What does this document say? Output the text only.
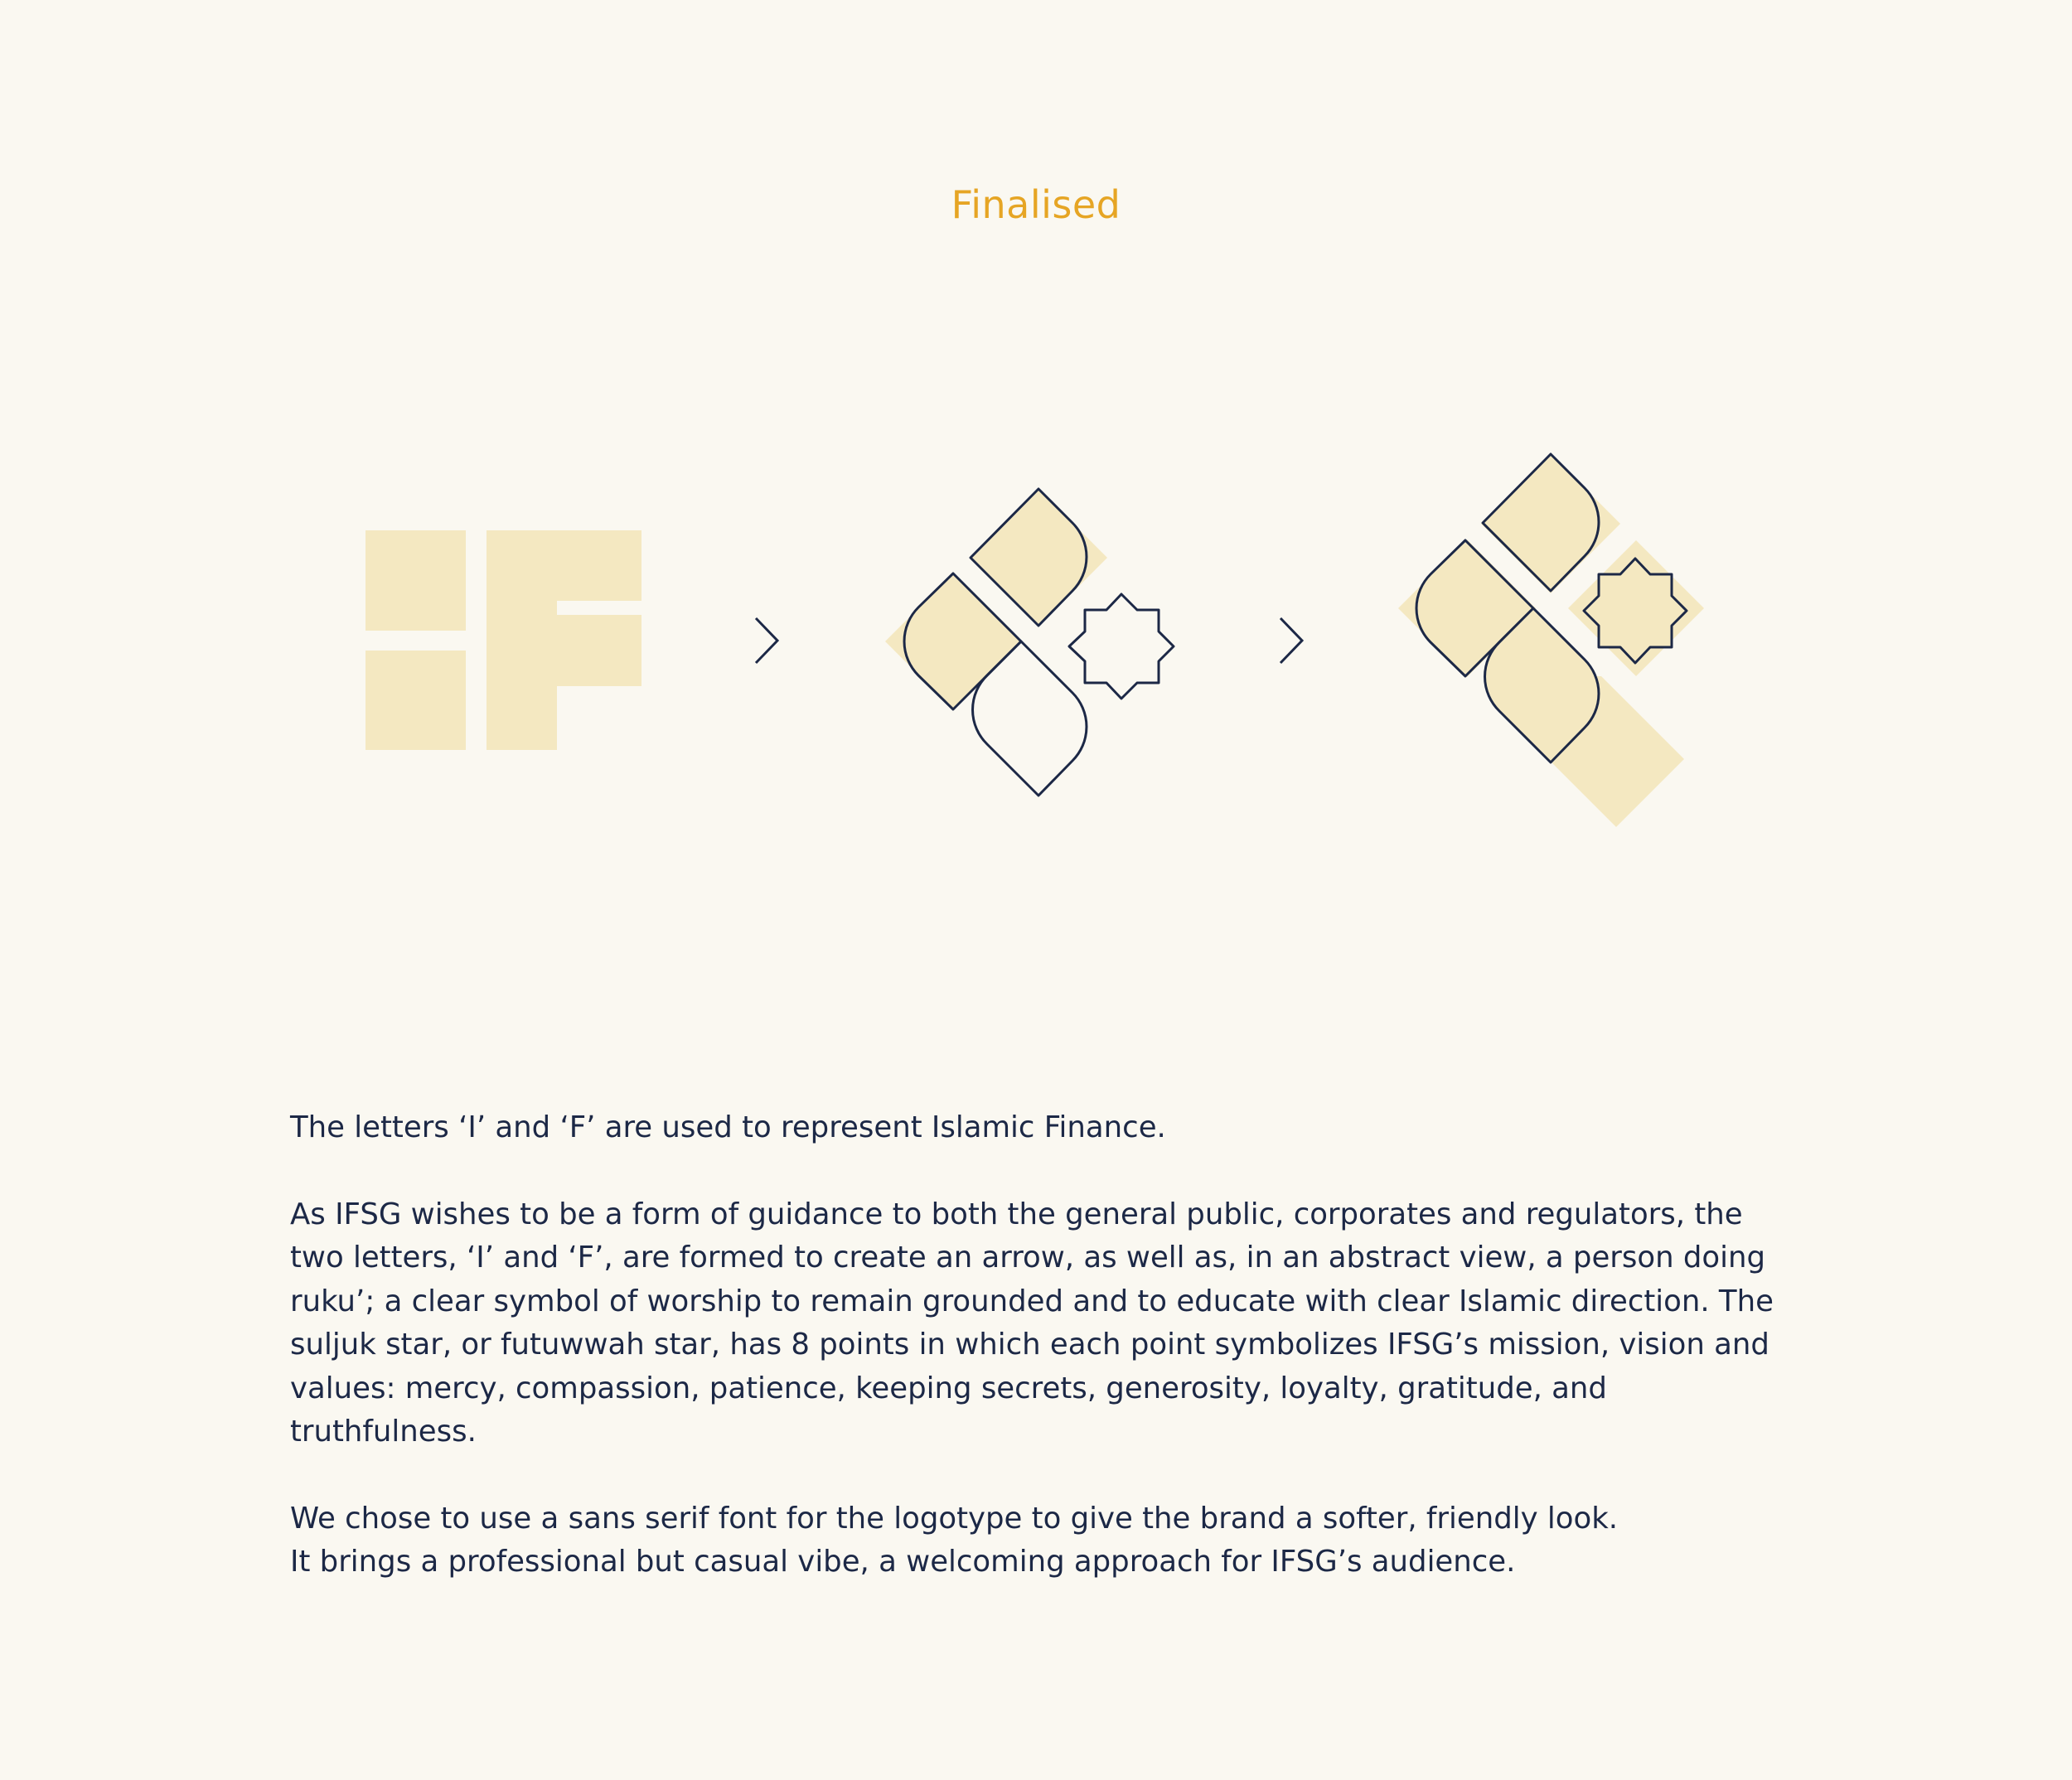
Finalised

The letters ‘I’ and ‘F’ are used to represent Islamic Finance.

As IFSG wishes to be a form of guidance to both the general public, corporates and regulators, the two letters, ‘I’ and ‘F’, are formed to create an arrow, as well as, in an abstract view, a person doing ruku’; a clear symbol of worship to remain grounded and to educate with clear Islamic direction. The suljuk star, or futuwwah star, has 8 points in which each point symbolizes IFSG’s mission, vision and values: mercy, compassion, patience, keeping secrets, generosity, loyalty, gratitude, and truthfulness.

We chose to use a sans serif font for the logotype to give the brand a softer, friendly look.
It brings a professional but casual vibe, a welcoming approach for IFSG’s audience.
